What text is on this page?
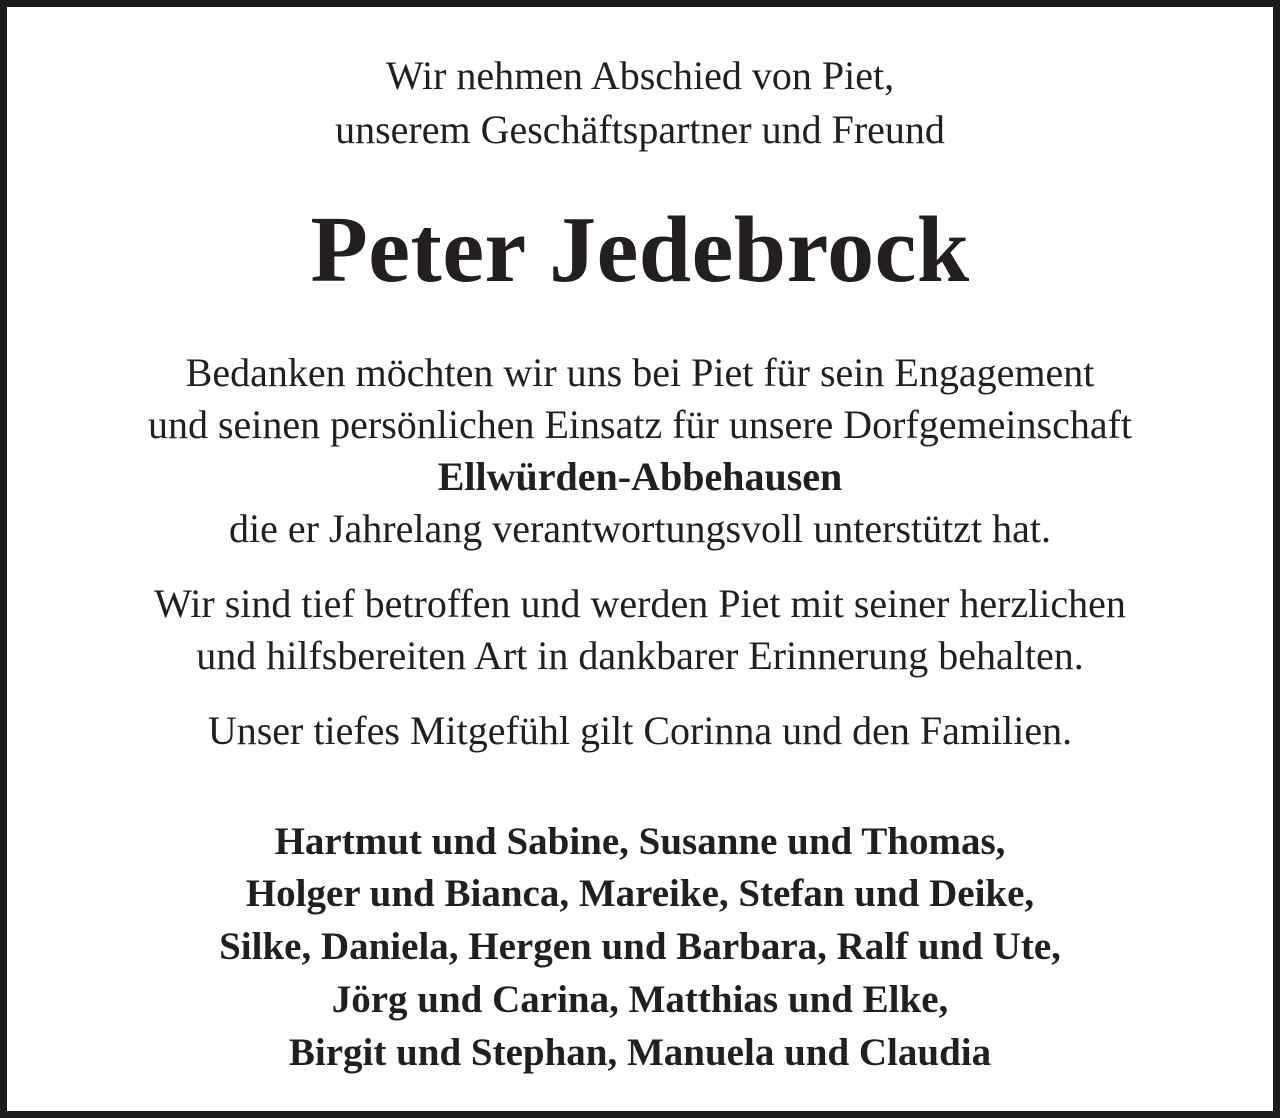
Wir nehmen Abschied von Piet,

unserem Geschäftspartner und Freund

Peter Jedebrock

Bedanken möchten wir uns bei Piet für sein Engagement

und seinen persönlichen Einsatz für unsere Dorfgemeinschaft

Ellwürden-Abbehausen

die er Jahrelang verantwortungsvoll unterstützt hat.

Wir sind tief betroffen und werden Piet mit seiner herzlichen

und hilfsbereiten Art in dankbarer Erinnerung behalten.

Unser tiefes Mitgefühl gilt Corinna und den Familien.

Hartmut und Sabine, Susanne und Thomas,

Holger und Bianca, Mareike, Stefan und Deike,

Silke, Daniela, Hergen und Barbara, Ralf und Ute,

Jörg und Carina, Matthias und Elke,

Birgit und Stephan, Manuela und Claudia
